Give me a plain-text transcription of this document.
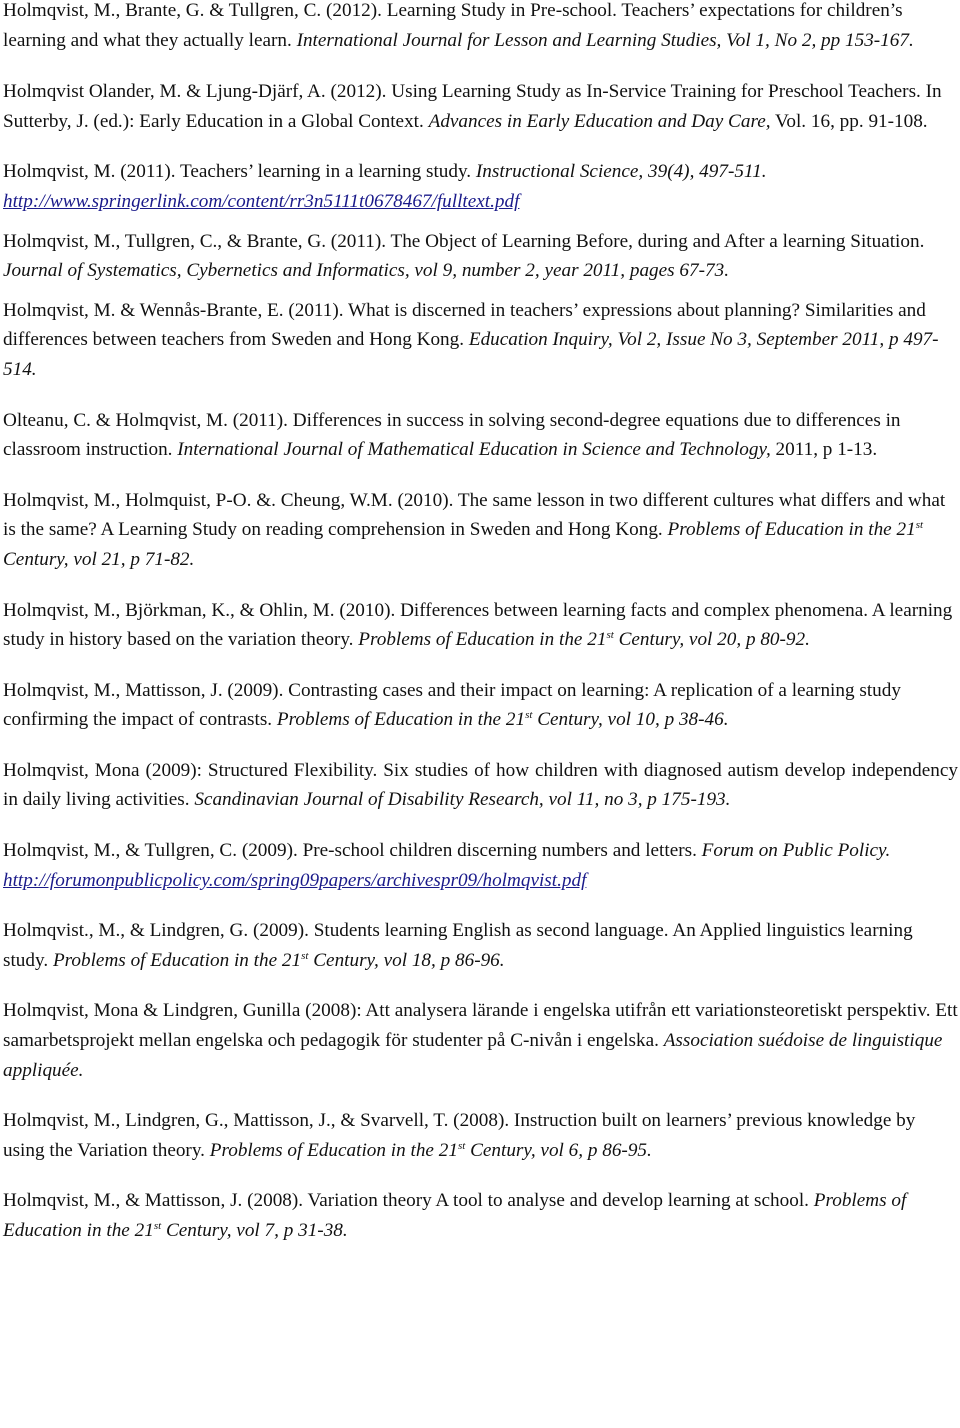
Holmqvist, M., Brante, G. & Tullgren, C. (2012). Learning Study in Pre-school. Teachers’ expectations for children’s learning and what they actually learn. International Journal for Lesson and Learning Studies, Vol 1, No 2, pp 153-167.

Holmqvist Olander, M. & Ljung-Djärf, A. (2012). Using Learning Study as In-Service Training for Preschool Teachers. In Sutterby, J. (ed.): Early Education in a Global Context. Advances in Early Education and Day Care, Vol. 16, pp. 91-108.

Holmqvist, M. (2011). Teachers’ learning in a learning study. Instructional Science, 39(4), 497-511.
http://www.springerlink.com/content/rr3n5111t0678467/fulltext.pdf

Holmqvist, M., Tullgren, C., & Brante, G. (2011). The Object of Learning Before, during and After a learning Situation. Journal of Systematics, Cybernetics and Informatics, vol 9, number 2, year 2011, pages 67-73.

Holmqvist, M. & Wennås-Brante, E. (2011). What is discerned in teachers’ expressions about planning? Similarities and differences between teachers from Sweden and Hong Kong. Education Inquiry, Vol 2, Issue No 3, September 2011, p 497-514.

Olteanu, C. & Holmqvist, M. (2011). Differences in success in solving second-degree equations due to differences in classroom instruction. International Journal of Mathematical Education in Science and Technology, 2011, p 1-13.

Holmqvist, M., Holmquist, P-O. &. Cheung, W.M. (2010). The same lesson in two different cultures what differs and what is the same? A Learning Study on reading comprehension in Sweden and Hong Kong. Problems of Education in the 21st Century, vol 21, p 71-82.

Holmqvist, M., Björkman, K., & Ohlin, M. (2010). Differences between learning facts and complex phenomena. A learning study in history based on the variation theory. Problems of Education in the 21st Century, vol 20, p 80-92.

Holmqvist, M., Mattisson, J. (2009). Contrasting cases and their impact on learning: A replication of a learning study confirming the impact of contrasts. Problems of Education in the 21st Century, vol 10, p 38-46.

Holmqvist, Mona (2009): Structured Flexibility. Six studies of how children with diagnosed autism develop independency in daily living activities. Scandinavian Journal of Disability Research, vol 11, no 3, p 175-193.

Holmqvist, M., & Tullgren, C. (2009). Pre-school children discerning numbers and letters. Forum on Public Policy. http://forumonpublicpolicy.com/spring09papers/archivespr09/holmqvist.pdf

Holmqvist., M., & Lindgren, G. (2009). Students learning English as second language. An Applied linguistics learning study. Problems of Education in the 21st Century, vol 18, p 86-96.

Holmqvist, Mona & Lindgren, Gunilla (2008): Att analysera lärande i engelska utifrån ett variationsteoretiskt perspektiv. Ett samarbetsprojekt mellan engelska och pedagogik för studenter på C-nivån i engelska. Association suédoise de linguistique appliquée.

Holmqvist, M., Lindgren, G., Mattisson, J., & Svarvell, T. (2008). Instruction built on learners’ previous knowledge by using the Variation theory. Problems of Education in the 21st Century, vol 6, p 86-95.

Holmqvist, M., & Mattisson, J. (2008). Variation theory A tool to analyse and develop learning at school. Problems of Education in the 21st Century, vol 7, p 31-38.
